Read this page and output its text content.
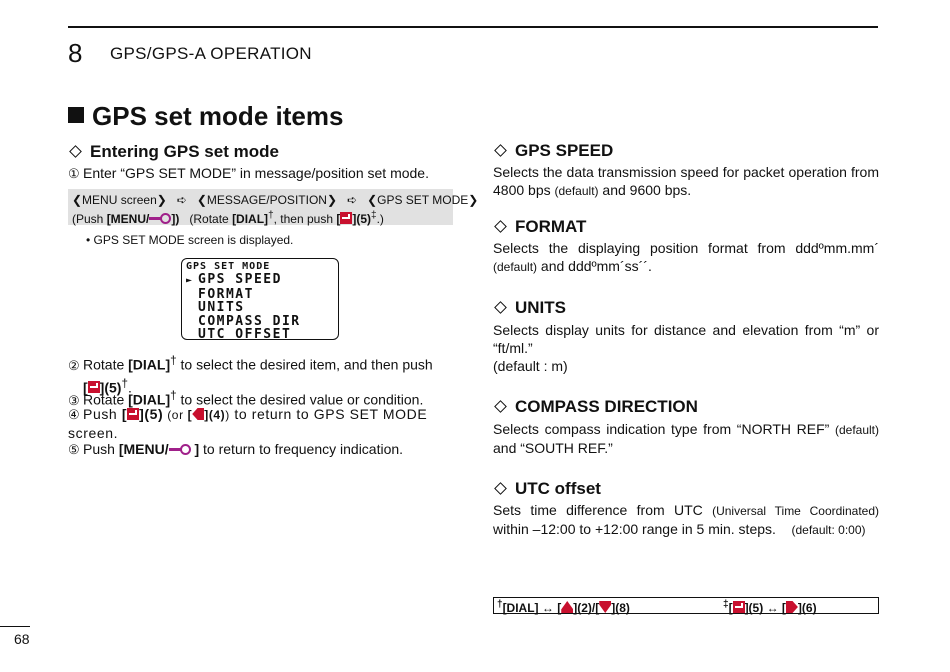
8 GPS/GPS-A OPERATION
GPS set mode items
Entering GPS set mode
① Enter “GPS SET MODE” in message/position set mode.
❮MENU screen❯ ➪ ❮MESSAGE/POSITION❯ ➪ ❮GPS SET MODE❯
(Push [MENU/ ]) (Rotate [DIAL]†, then push [ ](5)‡.)
• GPS SET MODE screen is displayed.
GPS SET MODE
► GPS SPEED
FORMAT
UNITS
COMPASS DIR
UTC OFFSET
② Rotate [DIAL]† to select the desired item, and then push
[ ](5)†.
③ Rotate [DIAL]† to select the desired value or condition.
④ Push [ ](5) (or [ ](4)) to return to GPS SET MODE screen.
⑤ Push [MENU/ ] to return to frequency indication.
GPS SPEED
Selects the data transmission speed for packet operation from 4800 bps (default) and 9600 bps.
FORMAT
Selects the displaying position format from dddºmm.mm´ (default) and dddºmm´ss´´.
UNITS
Selects display units for distance and elevation from “m” or “ft/ml.”
(default : m)
COMPASS DIRECTION
Selects compass indication type from “NORTH REF” (default) and “SOUTH REF.”
UTC offset
Sets time difference from UTC (Universal Time Coordinated) within –12:00 to +12:00 range in 5 min. steps. (default: 0:00)
†[DIAL] ↔ [ ](2)/[ ](8)	‡[ ](5) ↔ [ ](6)
68
